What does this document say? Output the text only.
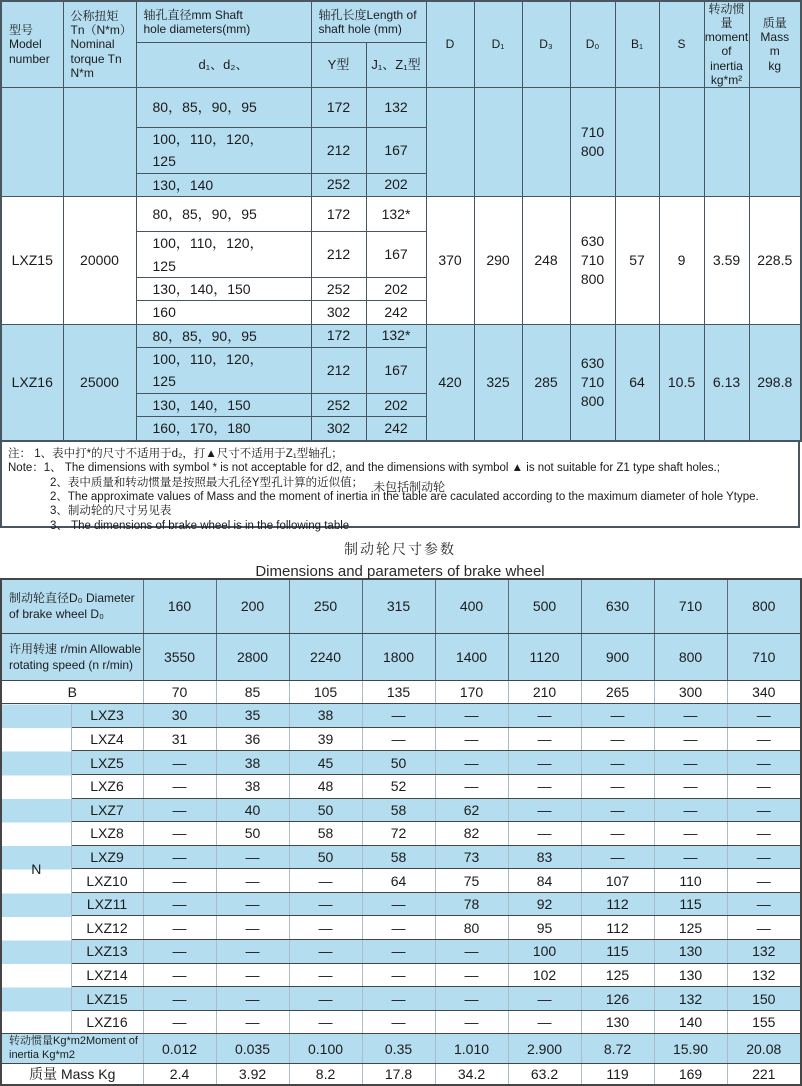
型号
Model
number	公称扭矩
Tn（N*m）
Nominal
torque Tn
N*m	轴孔直径mm Shaft
hole diameters(mm)	轴孔长度Length of
shaft hole (mm)		D	D₁	D₃	D₀	B₁	S	转动惯量
moment
of
inertia
kg*m²	质量
Mass
m
kg
		d₁、d₂、	Y型	J₁、Z₁型								
		80，85，90，95	172	132				710
800				
		100，110，120，
125	212	167								
		130，140	252	202								
LXZ15	20000	80，85，90，95	172	132*	370	290	248	630
710
800	57	9	3.59	228.5
		100，110，120，
125	212	167								
		130，140，150	252	202								
		160	302	242								
LXZ16	25000	80，85，90，95	172	132*	420	325	285	630
710
800	64	10.5	6.13	298.8
		100，110，120，
125	212	167								
		130，140，150	252	202								
		160，170，180	302	242								
注： 1、表中打*的尺寸不适用于d₂，打▲尺寸不适用于Z₁型轴孔；
Note：1、 The dimensions with symbol * is not acceptable for d2, and the dimensions with symbol ▲ is not suitable for Z1 type shaft holes.;
2、表中质量和转动惯量是按照最大孔径Y型孔计算的近似值； 未包括制动轮
2、The approximate values of Mass and the moment of inertia in the table are caculated according to the maximum diameter of hole Ytype.
3、制动轮的尺寸另见表
3、 The dimensions of brake wheel is in the following table
制动轮尺寸参数
Dimensions and parameters of brake wheel
制动轮直径D₀ Diameter
of brake wheel D₀		160	200	250	315	400	500	630	710	800
许用转速 r/min Allowable
rotating speed (n r/min)		3550	2800	2240	1800	1400	1120	900	800	710
B		70	85	105	135	170	210	265	300	340
N	LXZ3	30	35	38	—	—	—	—	—	—
	LXZ4	31	36	39	—	—	—	—	—	—
	LXZ5	—	38	45	50	—	—	—	—	—
	LXZ6	—	38	48	52	—	—	—	—	—
	LXZ7	—	40	50	58	62	—	—	—	—
	LXZ8	—	50	58	72	82	—	—	—	—
	LXZ9	—	—	50	58	73	83	—	—	—
	LXZ10	—	—	—	64	75	84	107	110	—
	LXZ11	—	—	—	—	78	92	112	115	—
	LXZ12	—	—	—	—	80	95	112	125	—
	LXZ13	—	—	—	—	—	100	115	130	132
	LXZ14	—	—	—	—	—	102	125	130	132
	LXZ15	—	—	—	—	—	—	126	132	150
	LXZ16	—	—	—	—	—	—	130	140	155
转动惯量Kg*m2Moment of
inertia Kg*m2		0.012	0.035	0.100	0.35	1.010	2.900	8.72	15.90	20.08
质量 Mass Kg		2.4	3.92	8.2	17.8	34.2	63.2	119	169	221
